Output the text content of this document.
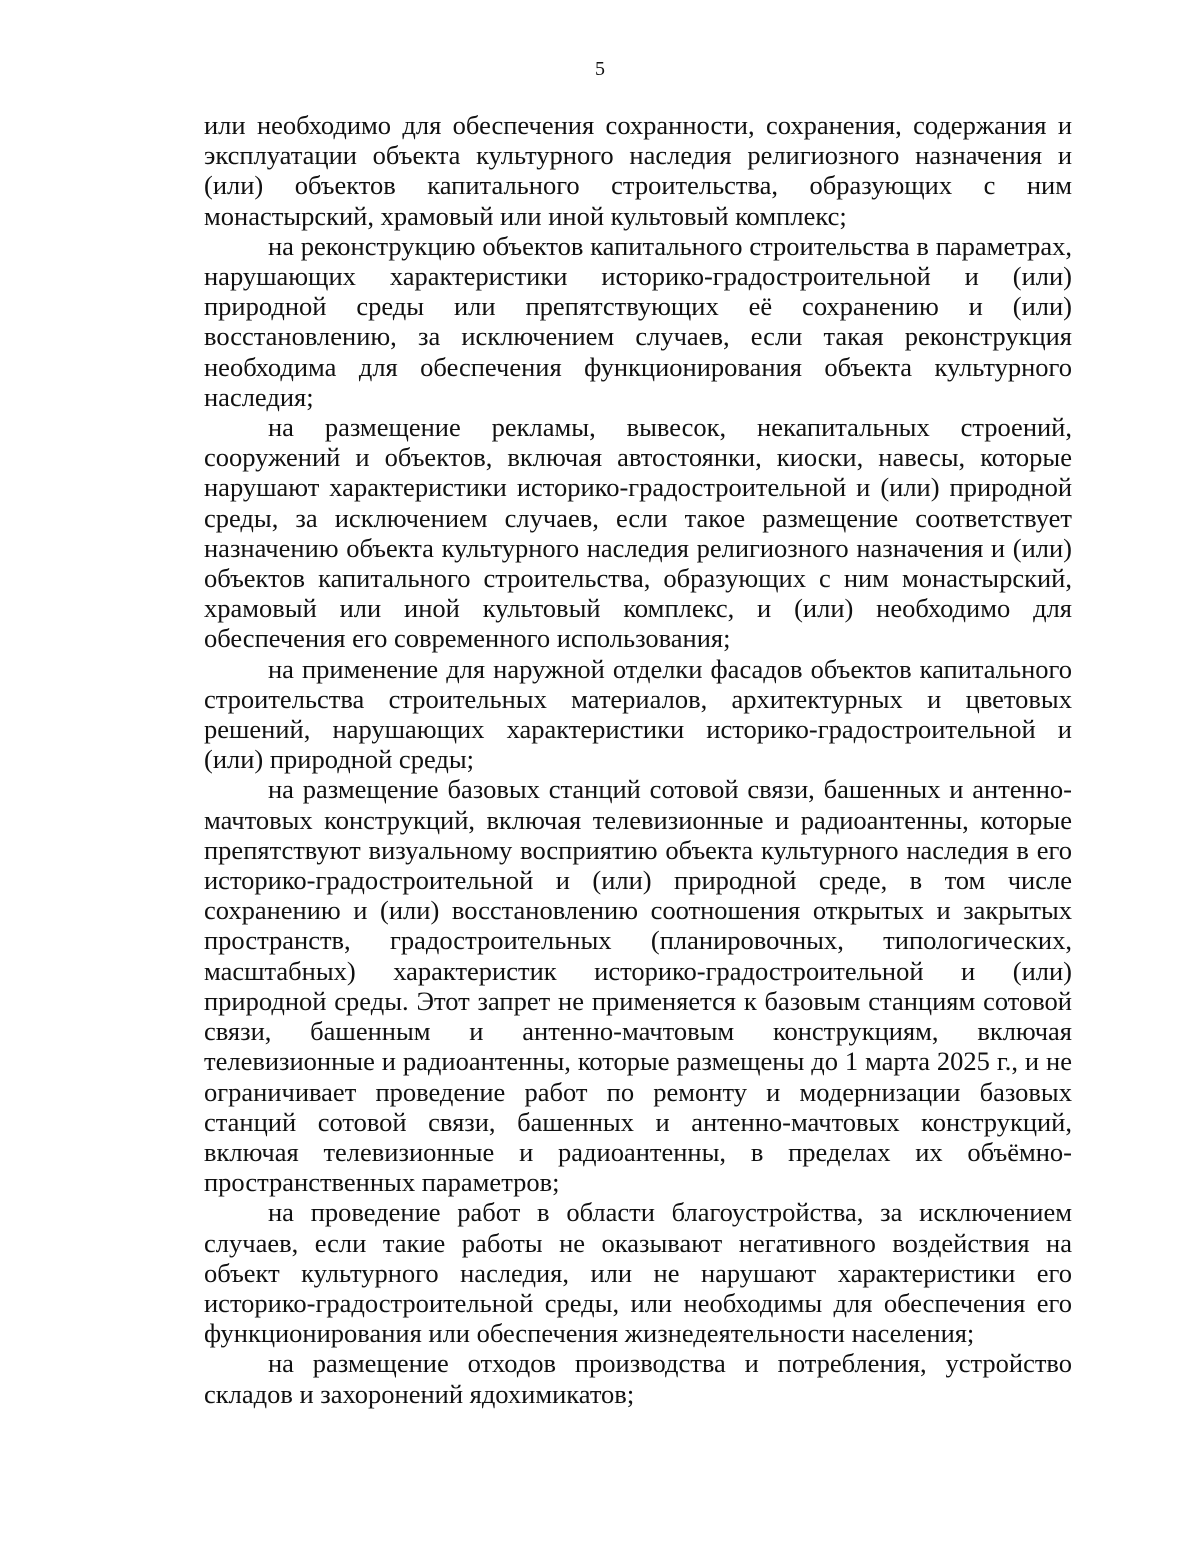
5

или необходимо для обеспечения сохранности, сохранения, содержания и эксплуатации объекта культурного наследия религиозного назначения и (или) объектов капитального строительства, образующих с ним монастырский, храмовый или иной культовый комплекс;

на реконструкцию объектов капитального строительства в параметрах, нарушающих характеристики историко-градостроительной и (или) природной среды или препятствующих её сохранению и (или) восстановлению, за исключением случаев, если такая реконструкция необходима для обеспечения функционирования объекта культурного наследия;

на размещение рекламы, вывесок, некапитальных строений, сооружений и объектов, включая автостоянки, киоски, навесы, которые нарушают характеристики историко-градостроительной и (или) природной среды, за исключением случаев, если такое размещение соответствует назначению объекта культурного наследия религиозного назначения и (или) объектов капитального строительства, образующих с ним монастырский, храмовый или иной культовый комплекс, и (или) необходимо для обеспечения его современного использования;

на применение для наружной отделки фасадов объектов капитального строительства строительных материалов, архитектурных и цветовых решений, нарушающих характеристики историко-градостроительной и (или) природной среды;

на размещение базовых станций сотовой связи, башенных и антенно-мачтовых конструкций, включая телевизионные и радиоантенны, которые препятствуют визуальному восприятию объекта культурного наследия в его историко-градостроительной и (или) природной среде, в том числе сохранению и (или) восстановлению соотношения открытых и закрытых пространств, градостроительных (планировочных, типологических, масштабных) характеристик историко-градостроительной и (или) природной среды. Этот запрет не применяется к базовым станциям сотовой связи, башенным и антенно-мачтовым конструкциям, включая телевизионные и радиоантенны, которые размещены до 1 марта 2025 г., и не ограничивает проведение работ по ремонту и модернизации базовых станций сотовой связи, башенных и антенно-мачтовых конструкций, включая телевизионные и радиоантенны, в пределах их объёмно-пространственных параметров;

на проведение работ в области благоустройства, за исключением случаев, если такие работы не оказывают негативного воздействия на объект культурного наследия, или не нарушают характеристики его историко-градостроительной среды, или необходимы для обеспечения его функционирования или обеспечения жизнедеятельности населения;

на размещение отходов производства и потребления, устройство складов и захоронений ядохимикатов;
